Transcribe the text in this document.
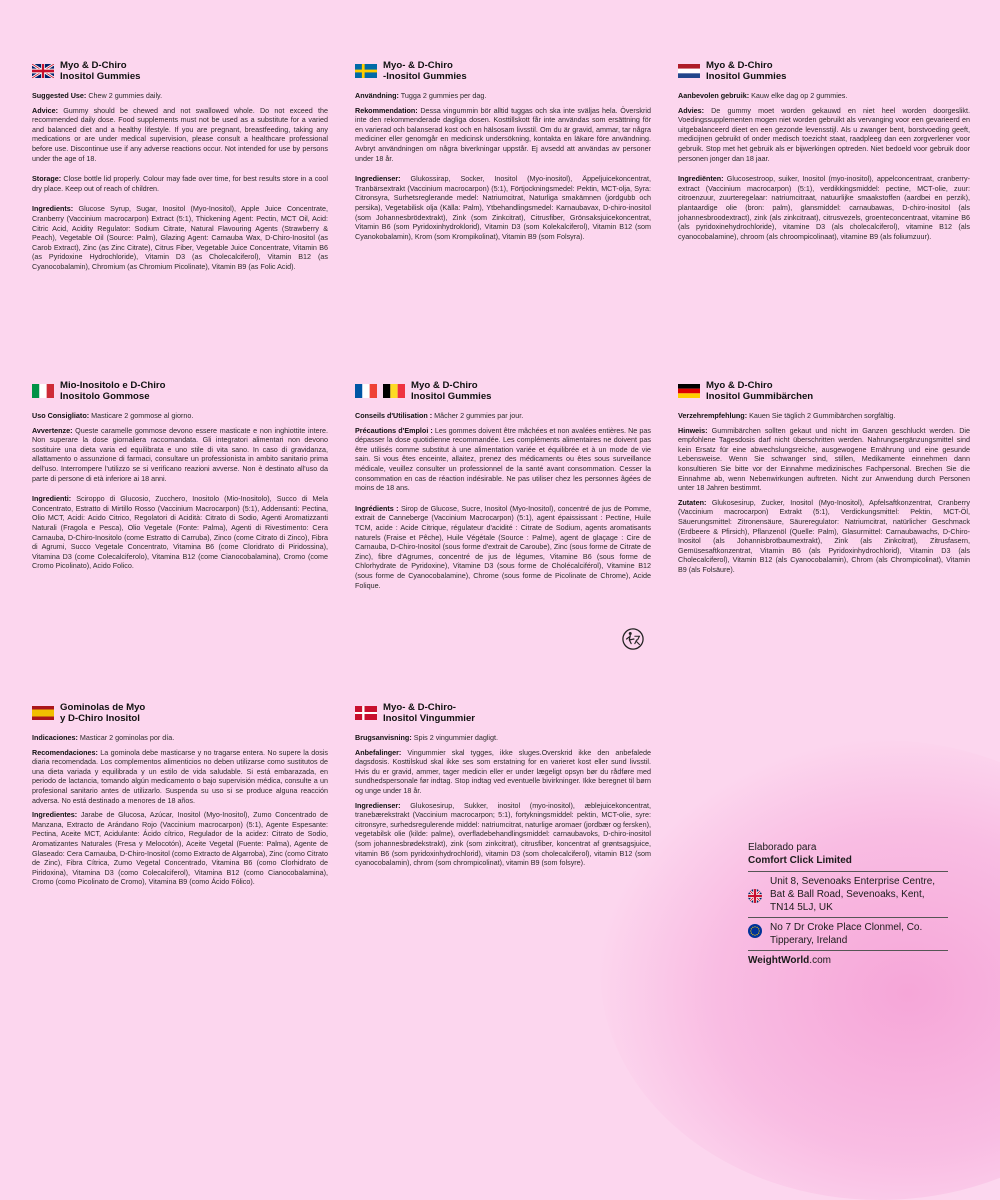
Myo & D-Chiro
Inositol Gummies
Suggested Use: Chew 2 gummies daily.
Advice: Gummy should be chewed and not swallowed whole. Do not exceed the recommended daily dose. Food supplements must not be used as a substitute for a varied and balanced diet and a healthy lifestyle. If you are pregnant, breastfeeding, taking any medications or are under medical supervision, please consult a healthcare professional before use. Discontinue use if any adverse reactions occur. Not intended for use by persons under the age of 18.
Storage: Close bottle lid properly. Colour may fade over time, for best results store in a cool dry place. Keep out of reach of children.
Ingredients: Glucose Syrup, Sugar, Inositol (Myo-Inositol), Apple Juice Concentrate, Cranberry (Vaccinium macrocarpon) Extract (5:1), Thickening Agent: Pectin, MCT Oil, Acid: Citric Acid, Acidity Regulator: Sodium Citrate, Natural Flavouring Agents (Strawberry & Peach), Vegetable Oil (Source: Palm), Glazing Agent: Carnauba Wax, D-Chiro-Inositol (as Carob Extract), Zinc (as Zinc Citrate), Citrus Fiber, Vegetable Juice Concentrate, Vitamin B6 (as Pyridoxine Hydrochloride), Vitamin D3 (as Cholecalciferol), Vitamin B12 (as Cyanocobalamin), Chromium (as Chromium Picolinate), Vitamin B9 (as Folic Acid).
Myo- & D-Chiro
-Inositol Gummies
Användning: Tugga 2 gummies per dag.
Rekommendation: Dessa vingummin bör alltid tuggas och ska inte sväljas hela. Överskrid inte den rekommenderade dagliga dosen. Kosttillskott får inte användas som ersättning för en varierad och balanserad kost och en hälsosam livsstil. Om du är gravid, ammar, tar några mediciner eller genomgår en medicinsk undersökning, kontakta en läkare före användning. Avbryt användningen om några biverkningar uppstår. Ej avsedd att användas av personer under 18 år.
Ingredienser: Glukossirap, Socker, Inositol (Myo-inositol), Äppeljuicekoncentrat, Tranbärsextrakt (Vaccinium macrocarpon) (5:1), Förtjockningsmedel: Pektin, MCT-olja, Syra: Citronsyra, Surhetsreglerande medel: Natriumcitrat, Naturliga smakämnen (jordgubb och persika), Vegetabilisk olja (Källa: Palm), Ytbehandlingsmedel: Karnaubavax, D-chiro-inositol (som Johannesbrödextrakt), Zink (som Zinkcitrat), Citrusfiber, Grönsaksjuicekoncentrat, Vitamin B6 (som Pyridoxinhydroklorid), Vitamin D3 (som Kolekalciferol), Vitamin B12 (som Cyanokobalamin), Krom (som Krompikolinat), Vitamin B9 (som Folsyra).
Myo & D-Chiro
Inositol Gummies
Aanbevolen gebruik: Kauw elke dag op 2 gummies.
Advies: De gummy moet worden gekauwd en niet heel worden doorgeslikt. Voedingssupplementen mogen niet worden gebruikt als vervanging voor een gevarieerd en uitgebalanceerd dieet en een gezonde levensstijl. Als u zwanger bent, borstvoeding geeft, medicijnen gebruikt of onder medisch toezicht staat, raadpleeg dan een zorgverlener voor gebruik. Stop met het gebruik als er bijwerkingen optreden. Niet bedoeld voor gebruik door personen jonger dan 18 jaar.
Ingrediënten: Glucosestroop, suiker, Inositol (myo-inositol), appelconcentraat, cranberry-extract (Vaccinium macrocarpon) (5:1), verdikkingsmiddel: pectine, MCT-olie, zuur: citroenzuur, zuurteregelaar: natriumcitraat, natuurlijke smaakstoffen (aardbei en perzik), plantaardige olie (bron: palm), glansmiddel: carnaubawas, D-chiro-inositol (als johannesbroodextract), zink (als zinkcitraat), citrusvezels, groenteconcentraat, vitamine B6 (als pyridoxinehydrochloride), vitamine D3 (als cholecalciferol), vitamine B12 (als cyanocobalamine), chroom (als chroompicolinaat), vitamine B9 (als foliumzuur).
Mio-Inositolo e D-Chiro
Inositolo Gommose
Uso Consigliato: Masticare 2 gommose al giorno.
Avvertenze: Queste caramelle gommose devono essere masticate e non inghiottite intere. Non superare la dose giornaliera raccomandata. Gli integratori alimentari non devono sostituire una dieta varia ed equilibrata e uno stile di vita sano. In caso di gravidanza, allattamento o assunzione di farmaci, consultare un professionista in ambito sanitario prima dell'uso. Interrompere l'utilizzo se si verificano reazioni avverse. Non è destinato all'uso da parte di persone di età inferiore ai 18 anni.
Ingredienti: Sciroppo di Glucosio, Zucchero, Inositolo (Mio-Inositolo), Succo di Mela Concentrato, Estratto di Mirtillo Rosso (Vaccinium Macrocarpon) (5:1), Addensanti: Pectina, Olio MCT, Acidi: Acido Citrico, Regolatori di Acidità: Citrato di Sodio, Agenti Aromatizzanti Naturali (Fragola e Pesca), Olio Vegetale (Fonte: Palma), Agenti di Rivestimento: Cera Carnauba, D-Chiro-Inositolo (come Estratto di Carruba), Zinco (come Citrato di Zinco), Fibra di Agrumi, Succo Vegetale Concentrato, Vitamina B6 (come Cloridrato di Piridossina), Vitamina D3 (come Colecalciferolo), Vitamina B12 (come Cianocobalamina), Cromo (come Cromo Picolinato), Acido Folico.
Myo & D-Chiro
Inositol Gummies
Conseils d'Utilisation : Mâcher 2 gummies par jour.
Précautions d'Emploi : Les gommes doivent être mâchées et non avalées entières. Ne pas dépasser la dose quotidienne recommandée. Les compléments alimentaires ne doivent pas être utilisés comme substitut à une alimentation variée et équilibrée et à un mode de vie sain. Si vous êtes enceinte, allaitez, prenez des médicaments ou êtes sous surveillance médicale, veuillez consulter un professionnel de la santé avant consommation. Cesser la consommation en cas de réaction indésirable. Ne pas utiliser chez les personnes âgées de moins de 18 ans.
Ingrédients : Sirop de Glucose, Sucre, Inositol (Myo-Inositol), concentré de jus de Pomme, extrait de Canneberge (Vaccinium Macrocarpon) (5:1), agent épaississant : Pectine, Huile TCM, acide : Acide Citrique, régulateur d'acidité : Citrate de Sodium, agents aromatisants naturels (Fraise et Pêche), Huile Végétale (Source : Palme), agent de glaçage : Cire de Carnauba, D-Chiro-Inositol (sous forme d'extrait de Caroube), Zinc (sous forme de Citrate de Zinc), fibre d'Agrumes, concentré de jus de légumes, Vitamine B6 (sous forme de Chlorhydrate de Pyridoxine), Vitamine D3 (sous forme de Cholécalciférol), Vitamine B12 (sous forme de Cyanocobalamine), Chrome (sous forme de Picolinate de Chrome), Acide Folique.
Myo & D-Chiro
Inositol Gummibärchen
Verzehrempfehlung: Kauen Sie täglich 2 Gummibärchen sorgfältig.
Hinweis: Gummibärchen sollten gekaut und nicht im Ganzen geschluckt werden. Die empfohlene Tagesdosis darf nicht überschritten werden. Nahrungsergänzungsmittel sind kein Ersatz für eine abwechslungsreiche, ausgewogene Ernährung und eine gesunde Lebensweise. Wenn Sie schwanger sind, stillen, Medikamente einnehmen dann konsultieren Sie bitte vor der Einnahme medizinisches Fachpersonal. Brechen Sie die Einnahme ab, wenn Nebenwirkungen auftreten. Nicht zur Anwendung durch Personen unter 18 Jahren bestimmt.
Zutaten: Glukosesirup, Zucker, Inositol (Myo-Inositol), Apfelsaftkonzentrat, Cranberry (Vaccinium macrocarpon) Extrakt (5:1), Verdickungsmittel: Pektin, MCT-Öl, Säuerungsmittel: Zitronensäure, Säureregulator: Natriumcitrat, natürlicher Geschmack (Erdbeere & Pfirsich), Pflanzenöl (Quelle: Palm), Glasurmittel: Carnaubawachs, D-Chiro-Inositol (als Johannisbrotbaumextrakt), Zink (als Zinkcitrat), Zitrusfasern, Gemüsesaftkonzentrat, Vitamin B6 (als Pyridoxinhydrochlorid), Vitamin D3 (als Cholecalciferol), Vitamin B12 (als Cyanocobalamin), Chrom (als Chrompicolinat), Vitamin B9 (als Folsäure).
Gominolas de Myo
y D-Chiro Inositol
Indicaciones: Masticar 2 gominolas por día.
Recomendaciones: La gominola debe masticarse y no tragarse entera. No supere la dosis diaria recomendada. Los complementos alimenticios no deben utilizarse como sustitutos de una dieta variada y equilibrada y un estilo de vida saludable. Si está embarazada, en periodo de lactancia, tomando algún medicamento o bajo supervisión médica, consulte a un profesional sanitario antes de utilizarlo. Suspenda su uso si se produce alguna reacción adversa. No está destinado a menores de 18 años.
Ingredientes: Jarabe de Glucosa, Azúcar, Inositol (Myo-Inositol), Zumo Concentrado de Manzana, Extracto de Arándano Rojo (Vaccinium macrocarpon) (5:1), Agente Espesante: Pectina, Aceite MCT, Acidulante: Ácido cítrico, Regulador de la acidez: Citrato de Sodio, Aromatizantes Naturales (Fresa y Melocotón), Aceite Vegetal (Fuente: Palma), Agente de Glaseado: Cera Carnauba, D-Chiro-Inositol (como Extracto de Algarroba), Zinc (como Citrato de Zinc), Fibra Cítrica, Zumo Vegetal Concentrado, Vitamina B6 (como Clorhidrato de Piridoxina), Vitamina D3 (como Colecalciferol), Vitamina B12 (como Cianocobalamina), Cromo (como Picolinato de Cromo), Vitamina B9 (como Ácido Fólico).
Myo- & D-Chiro-
Inositol Vingummier
Brugsanvisning: Spis 2 vingummier dagligt.
Anbefalinger: Vingummier skal tygges, ikke sluges.Overskrid ikke den anbefalede dagsdosis. Kosttilskud skal ikke ses som erstatning for en varieret kost eller sund livsstil. Hvis du er gravid, ammer, tager medicin eller er under lægeligt opsyn bør du rådføre med sundhedspersonale før indtag. Stop indtag ved eventuelle bivirkninger. Ikke beregnet til børn og unge under 18 år.
Ingredienser: Glukosesirup, Sukker, inositol (myo-inositol), æblejuicekoncentrat, tranebærekstrakt (Vaccinium macrocarpon; 5:1), fortykningsmiddel: pektin, MCT-olie, syre: citronsyre, surhedsregulerende middel: natriumcitrat, naturlige aromaer (jordbær og fersken), vegetabilsk olie (kilde: palme), overfladebehandlingsmiddel: carnaubavoks, D-chiro-inositol (som johannesbrødekstrakt), zink (som zinkcitrat), citrusfiber, koncentrat af grøntsagsjuice, vitamin B6 (som pyridoxinhydrochlorid), vitamin D3 (som cholecalciferol), vitamin B12 (som cyanocobalamin), chrom (som chrompicolinat), vitamin B9 (som folsyre).
Elaborado para
Comfort Click Limited
Unit 8, Sevenoaks Enterprise Centre, Bat & Ball Road, Sevenoaks, Kent, TN14 5LJ, UK
No 7 Dr Croke Place Clonmel, Co. Tipperary, Ireland
WeightWorld.com
